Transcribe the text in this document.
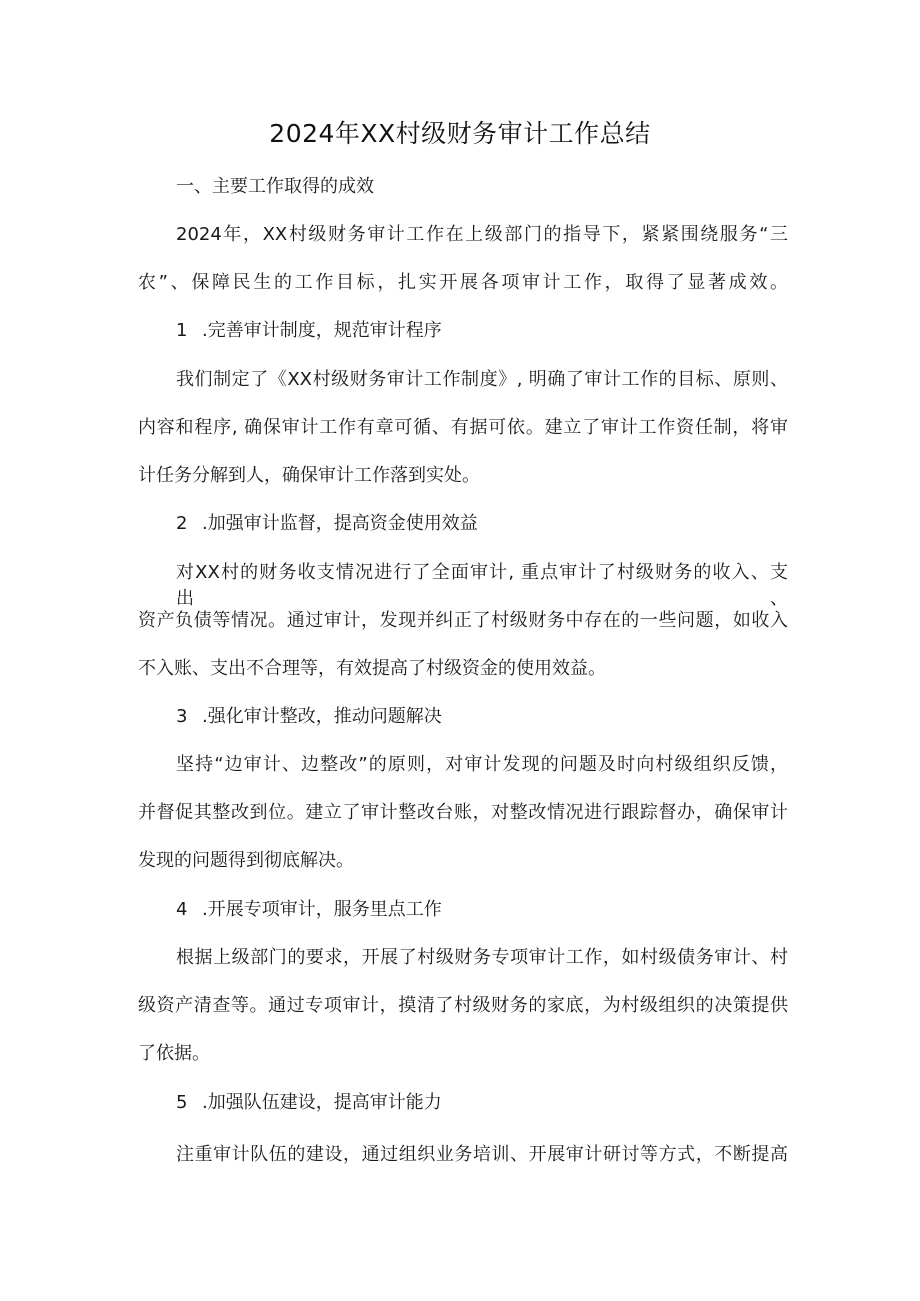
2024年XX村级财务审计工作总结
一、主要工作取得的成效
2024年，XX村级财务审计工作在上级部门的指导下，紧紧围绕服务“三
农”、保障民生的工作目标，扎实开展各项审计工作，取得了显著成效。
1 .完善审计制度，规范审计程序
我们制定了《XX村级财务审计工作制度》, 明确了审计工作的目标、原则、
内容和程序, 确保审计工作有章可循、有据可依。建立了审计工作资任制，将审
计任务分解到人，确保审计工作落到实处。
2 .加强审计监督，提高资金使用效益
对XX村的财务收支情况进行了全面审计, 重点审计了村级财务的收入、支出、
资产负债等情况。通过审计，发现并纠正了村级财务中存在的一些问题，如收入
不入账、支出不合理等，有效提高了村级资金的使用效益。
3 .强化审计整改，推动问题解决
坚持“边审计、边整改”的原则，对审计发现的问题及时向村级组织反馈，
并督促其整改到位。建立了审计整改台账，对整改情况进行跟踪督办，确保审计
发现的问题得到彻底解决。
4 .开展专项审计，服务里点工作
根据上级部门的要求，开展了村级财务专项审计工作，如村级债务审计、村
级资产清查等。通过专项审计，摸清了村级财务的家底，为村级组织的决策提供
了依据。
5 .加强队伍建设，提高审计能力
注重审计队伍的建设，通过组织业务培训、开展审计研讨等方式，不断提高
